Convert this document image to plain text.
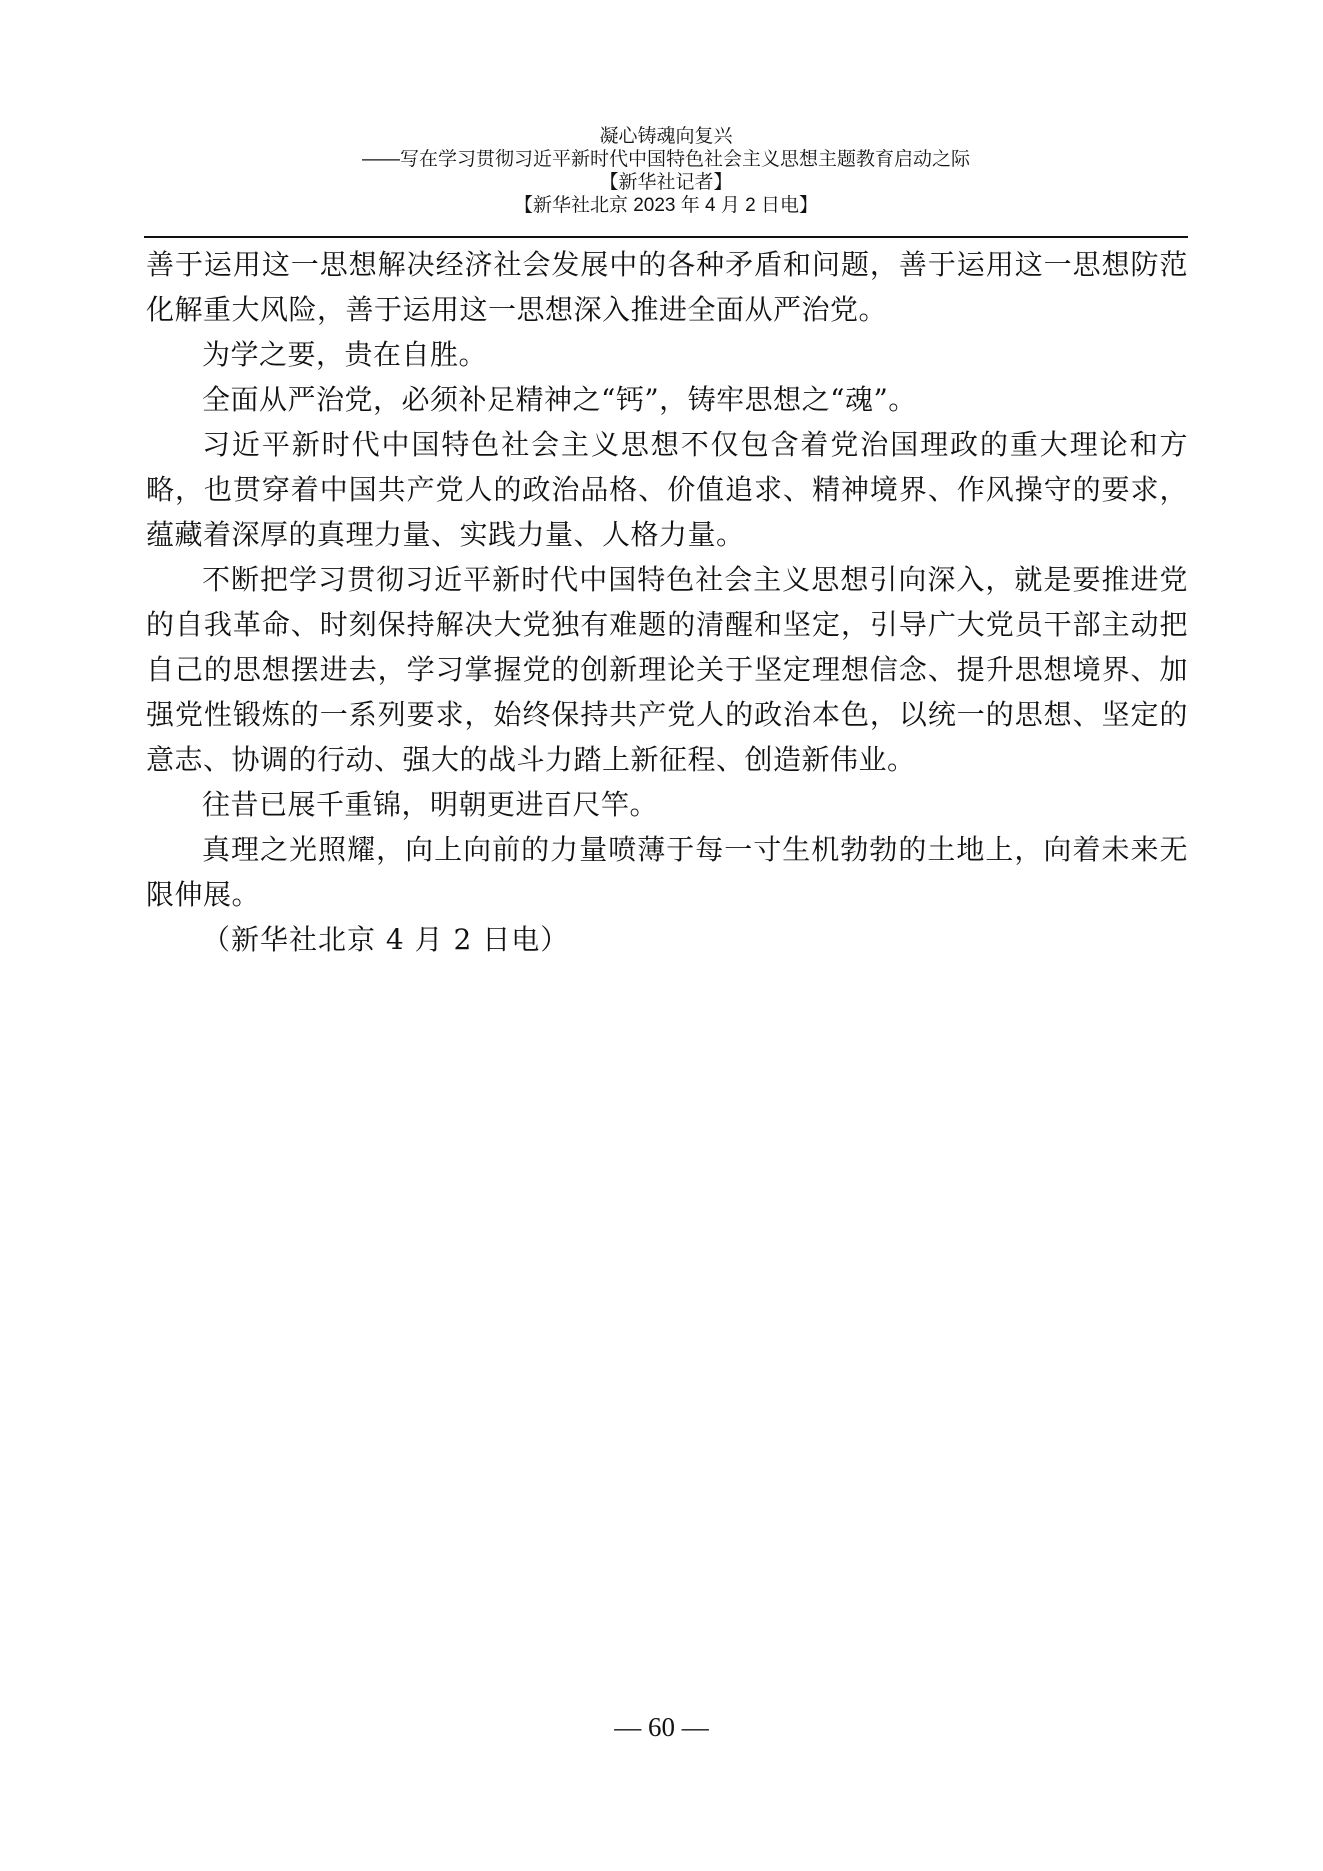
凝心铸魂向复兴
——写在学习贯彻习近平新时代中国特色社会主义思想主题教育启动之际
【新华社记者】
【新华社北京 2023 年 4 月 2 日电】

善于运用这一思想解决经济社会发展中的各种矛盾和问题，善于运用这一思想防范化解重大风险，善于运用这一思想深入推进全面从严治党。

为学之要，贵在自胜。

全面从严治党，必须补足精神之“钙”，铸牢思想之“魂”。

习近平新时代中国特色社会主义思想不仅包含着党治国理政的重大理论和方略，也贯穿着中国共产党人的政治品格、价值追求、精神境界、作风操守的要求，蕴藏着深厚的真理力量、实践力量、人格力量。

不断把学习贯彻习近平新时代中国特色社会主义思想引向深入，就是要推进党的自我革命、时刻保持解决大党独有难题的清醒和坚定，引导广大党员干部主动把自己的思想摆进去，学习掌握党的创新理论关于坚定理想信念、提升思想境界、加强党性锻炼的一系列要求，始终保持共产党人的政治本色，以统一的思想、坚定的意志、协调的行动、强大的战斗力踏上新征程、创造新伟业。

往昔已展千重锦，明朝更进百尺竿。

真理之光照耀，向上向前的力量喷薄于每一寸生机勃勃的土地上，向着未来无限伸展。

（新华社北京 4 月 2 日电）

— 60 —
